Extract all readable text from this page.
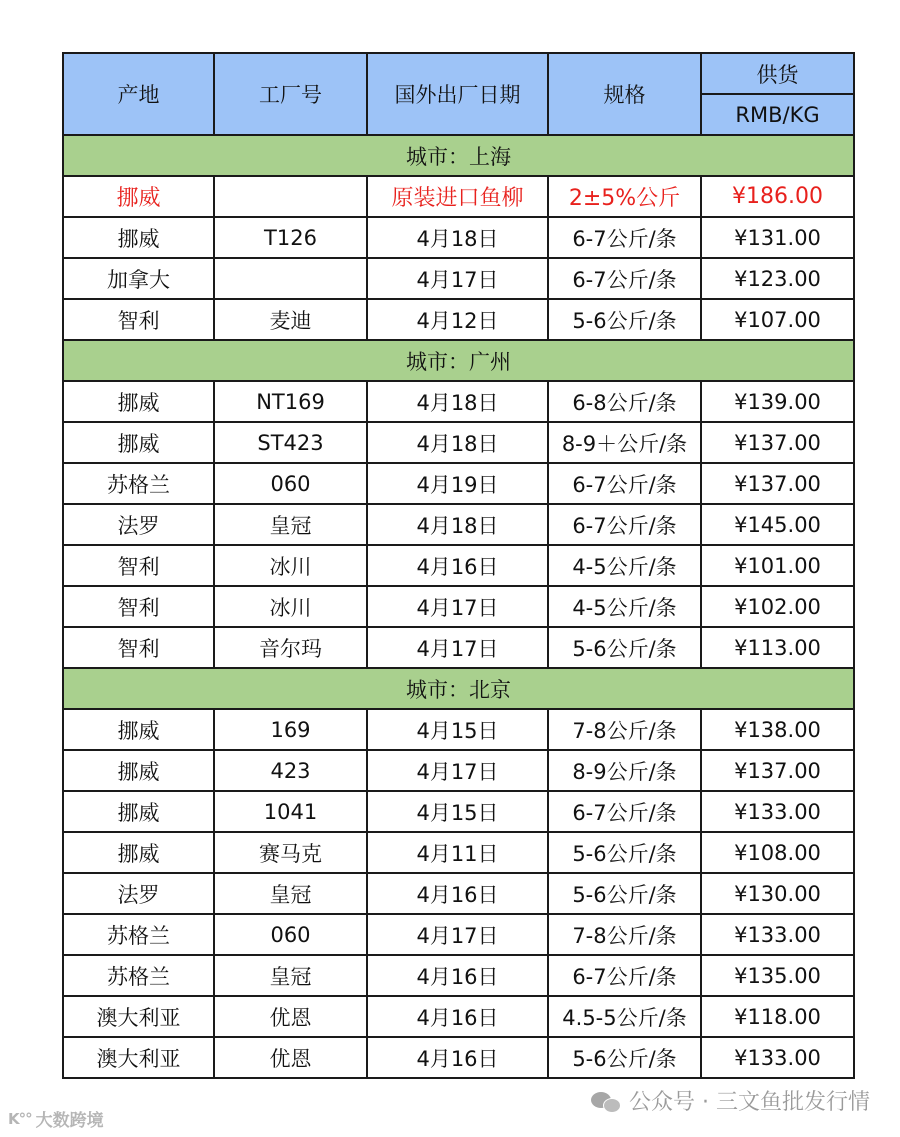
产地	工厂号	国外出厂日期	规格	供货
				RMB/KG
城市：上海				
挪威		原装进口鱼柳	2±5%公斤	¥186.00
挪威	T126	4月18日	6-7公斤/条	¥131.00
加拿大		4月17日	6-7公斤/条	¥123.00
智利	麦迪	4月12日	5-6公斤/条	¥107.00
城市：广州				
挪威	NT169	4月18日	6-8公斤/条	¥139.00
挪威	ST423	4月18日	8-9＋公斤/条	¥137.00
苏格兰	060	4月19日	6-7公斤/条	¥137.00
法罗	皇冠	4月18日	6-7公斤/条	¥145.00
智利	冰川	4月16日	4-5公斤/条	¥101.00
智利	冰川	4月17日	4-5公斤/条	¥102.00
智利	音尔玛	4月17日	5-6公斤/条	¥113.00
城市：北京				
挪威	169	4月15日	7-8公斤/条	¥138.00
挪威	423	4月17日	8-9公斤/条	¥137.00
挪威	1041	4月15日	6-7公斤/条	¥133.00
挪威	赛马克	4月11日	5-6公斤/条	¥108.00
法罗	皇冠	4月16日	5-6公斤/条	¥130.00
苏格兰	060	4月17日	7-8公斤/条	¥133.00
苏格兰	皇冠	4月16日	6-7公斤/条	¥135.00
澳大利亚	优恩	4月16日	4.5-5公斤/条	¥118.00
澳大利亚	优恩	4月16日	5-6公斤/条	¥133.00
公众号 · 三文鱼批发行情
K°° 大数跨境
